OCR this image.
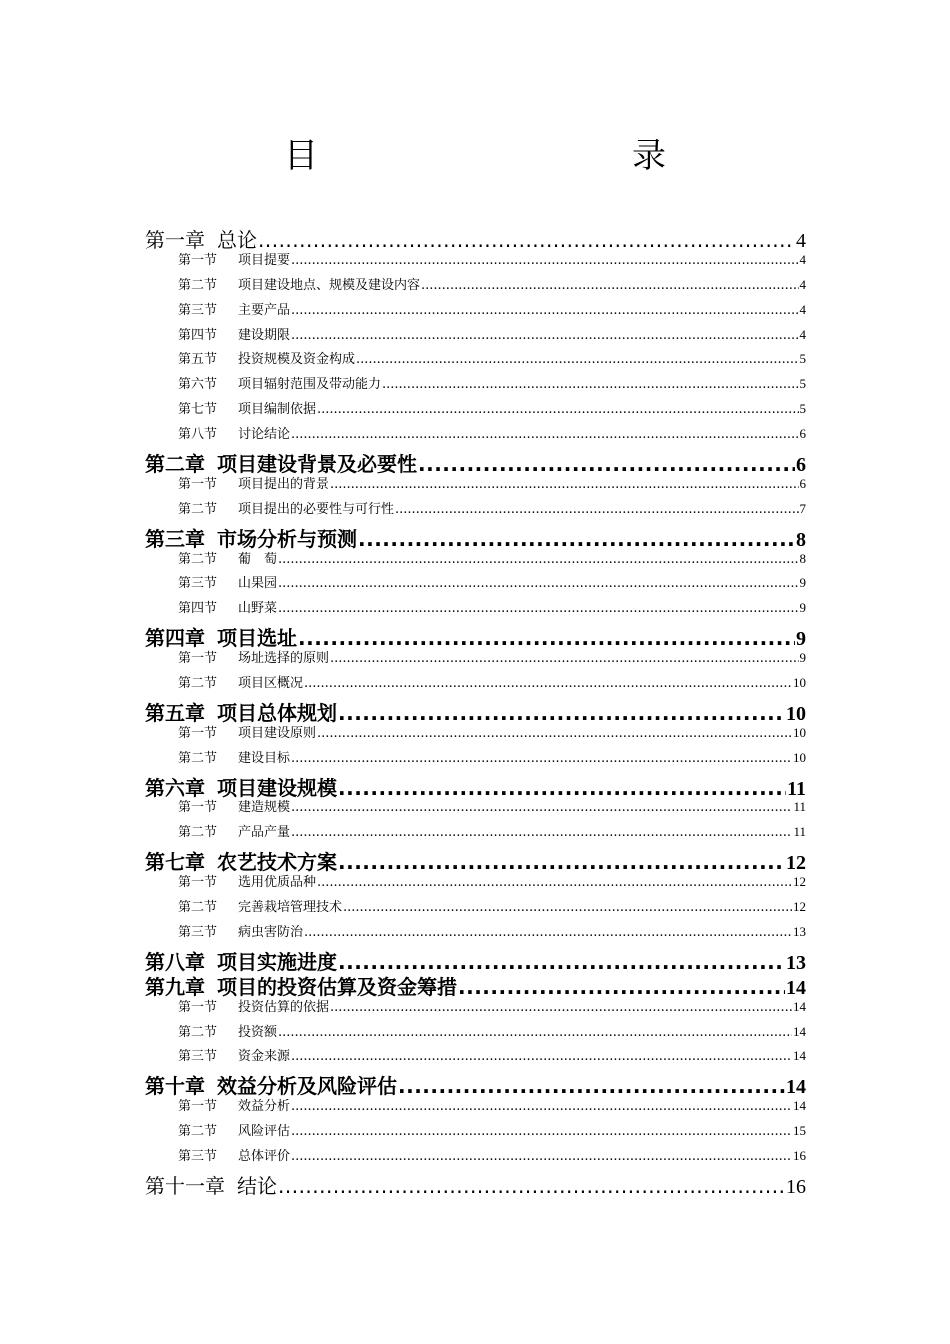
目　　录
第一章 总论 .....	4
第一节 项目提要 .....	4
第二节 项目建设地点、规模及建设内容 .....	4
第三节 主要产品 .....	4
第四节 建设期限 .....	4
第五节 投资规模及资金构成 .....	5
第六节 项目辐射范围及带动能力 .....	5
第七节 项目编制依据 .....	5
第八节 讨论结论 .....	6
第二章 项目建设背景及必要性 .....	6
第一节 项目提出的背景 .....	6
第二节 项目提出的必要性与可行性 .....	7
第三章 市场分析与预测 .....	8
第二节 葡　萄 .....	8
第三节 山果园 .....	9
第四节 山野菜 .....	9
第四章 项目选址 .....	9
第一节 场址选择的原则 .....	9
第二节 项目区概况 .....	10
第五章 项目总体规划 .....	10
第一节 项目建设原则 .....	10
第二节 建设目标 .....	10
第六章 项目建设规模 .....	11
第一节 建造规模 .....	11
第二节 产品产量 .....	11
第七章 农艺技术方案 .....	12
第一节 选用优质品种 .....	12
第二节 完善栽培管理技术 .....	12
第三节 病虫害防治 .....	13
第八章 项目实施进度 .....	13
第九章 项目的投资估算及资金筹措 .....	14
第一节 投资估算的依据 .....	14
第二节 投资额 .....	14
第三节 资金来源 .....	14
第十章 效益分析及风险评估 .....	14
第一节 效益分析 .....	14
第二节 风险评估 .....	15
第三节 总体评价 .....	16
第十一章 结论 .....	16
